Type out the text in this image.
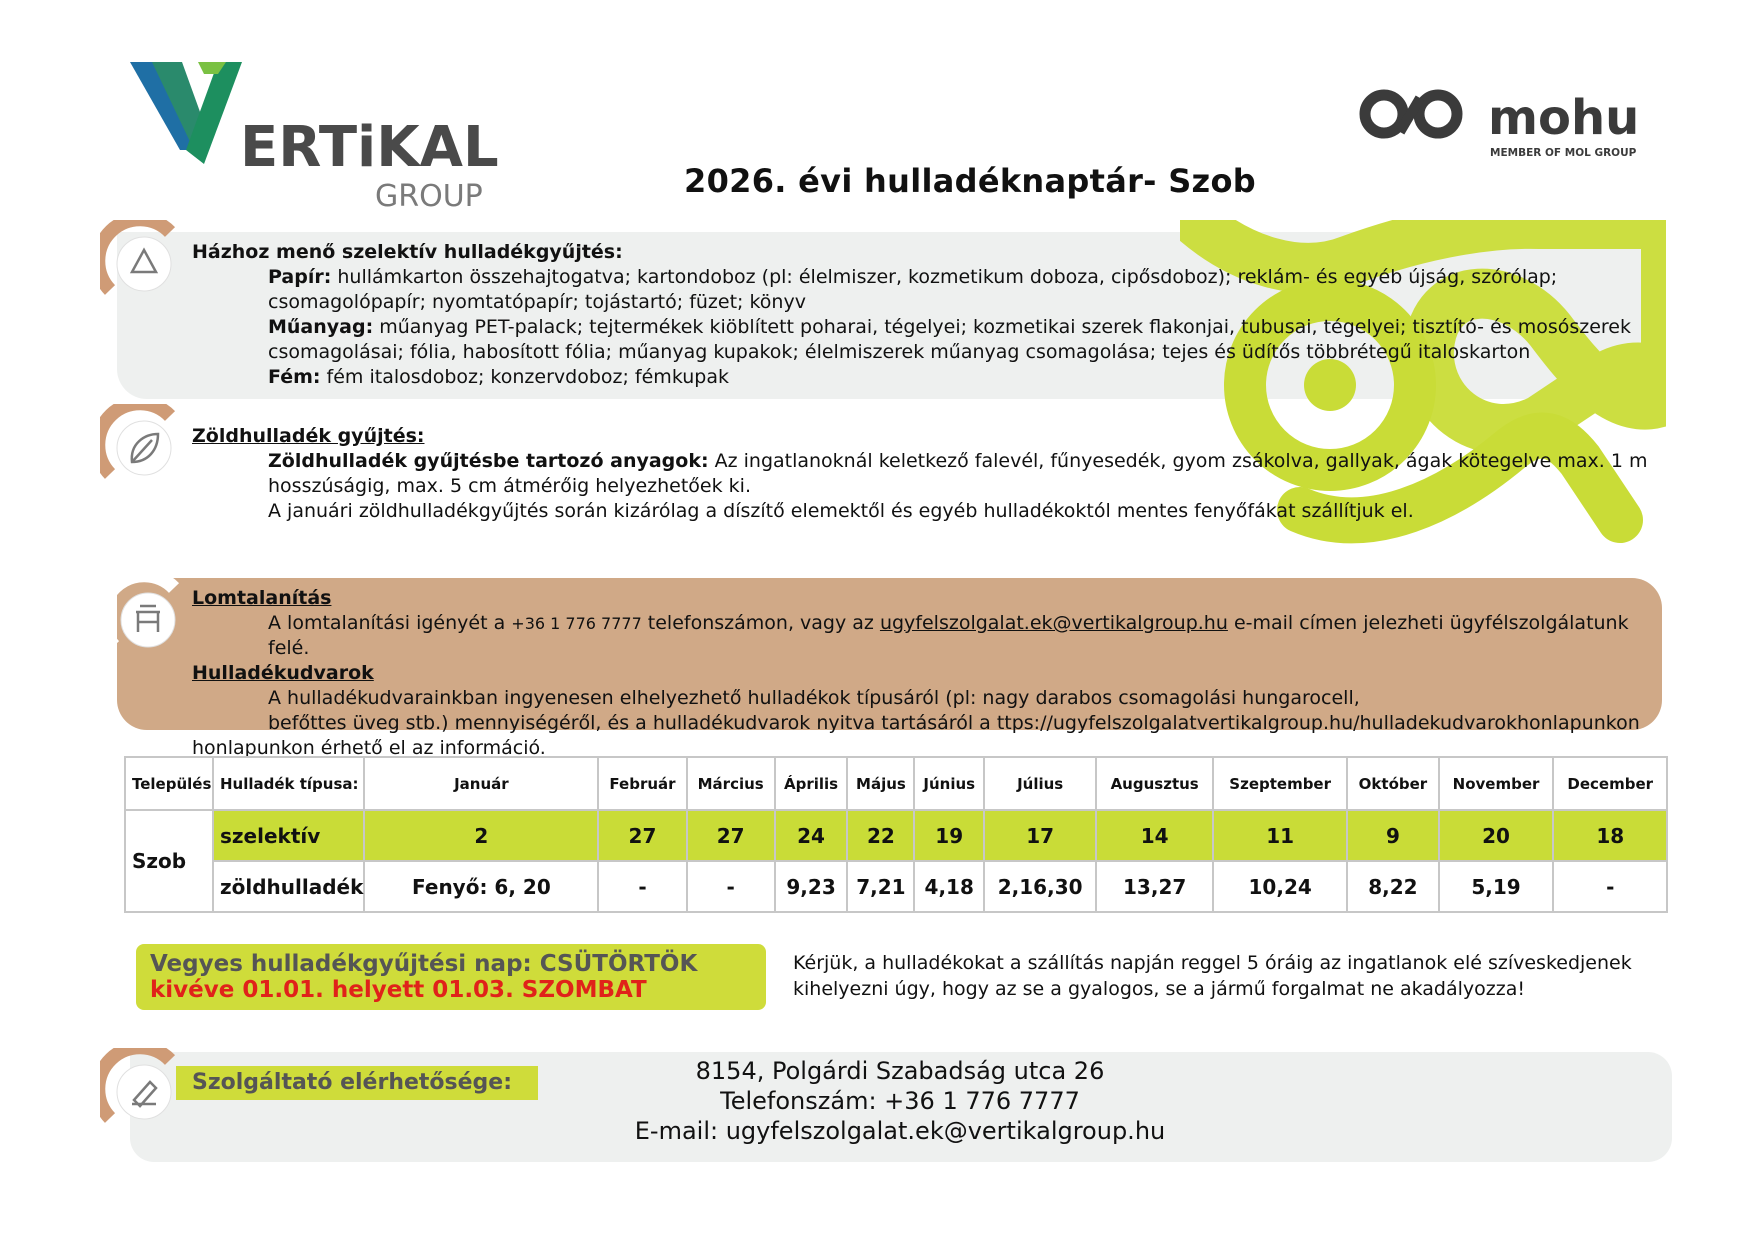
ERTiKAL
GROUP
mohu
MEMBER OF MOL GROUP
2026. évi hulladéknaptár- Szob
Házhoz menő szelektív hulladékgyűjtés:
Papír: hullámkarton összehajtogatva; kartondoboz (pl: élelmiszer, kozmetikum doboza, cipősdoboz); reklám- és egyéb újság, szórólap;
csomagolópapír; nyomtatópapír; tojástartó; füzet; könyv
Műanyag: műanyag PET-palack; tejtermékek kiöblített poharai, tégelyei; kozmetikai szerek flakonjai, tubusai, tégelyei; tisztító- és mosószerek
csomagolásai; fólia, habosított fólia; műanyag kupakok; élelmiszerek műanyag csomagolása; tejes és üdítős többrétegű italoskarton
Fém: fém italosdoboz; konzervdoboz; fémkupak
Zöldhulladék gyűjtés:
Zöldhulladék gyűjtésbe tartozó anyagok: Az ingatlanoknál keletkező falevél, fűnyesedék, gyom zsákolva, gallyak, ágak kötegelve max. 1 m
hosszúságig, max. 5 cm átmérőig helyezhetőek ki.
A januári zöldhulladékgyűjtés során kizárólag a díszítő elemektől és egyéb hulladékoktól mentes fenyőfákat szállítjuk el.
Lomtalanítás
A lomtalanítási igényét a +36 1 776 7777 telefonszámon, vagy az ugyfelszolgalat.ek@vertikalgroup.hu e-mail címen jelezheti ügyfélszolgálatunk felé.
Hulladékudvarok
A hulladékudvarainkban ingyenesen elhelyezhető hulladékok típusáról (pl: nagy darabos csomagolási hungarocell,
befőttes üveg stb.) mennyiségéről, és a hulladékudvarok nyitva tartásáról a ttps://ugyfelszolgalatvertikalgroup.hu/hulladekudvarokhonlapunkon
honlapunkon érhető el az információ.
Település	Hulladék típusa:	Január	Február	Március	Április	Május	Június	Július	Augusztus	Szeptember	Október	November	December
Szob	szelektív	2	27	27	24	22	19	17	14	11	9	20	18
	zöldhulladék	Fenyő: 6, 20	-	-	9,23	7,21	4,18	2,16,30	13,27	10,24	8,22	5,19	-
Vegyes hulladékgyűjtési nap: CSÜTÖRTÖK
kivéve 01.01. helyett 01.03. SZOMBAT
Kérjük, a hulladékokat a szállítás napján reggel 5 óráig az ingatlanok elé szíveskedjenek kihelyezni úgy, hogy az se a gyalogos, se a jármű forgalmat ne akadályozza!
Szolgáltató elérhetősége:	8154, Polgárdi Szabadság utca 26
Telefonszám: +36 1 776 7777
E-mail: ugyfelszolgalat.ek@vertikalgroup.hu
